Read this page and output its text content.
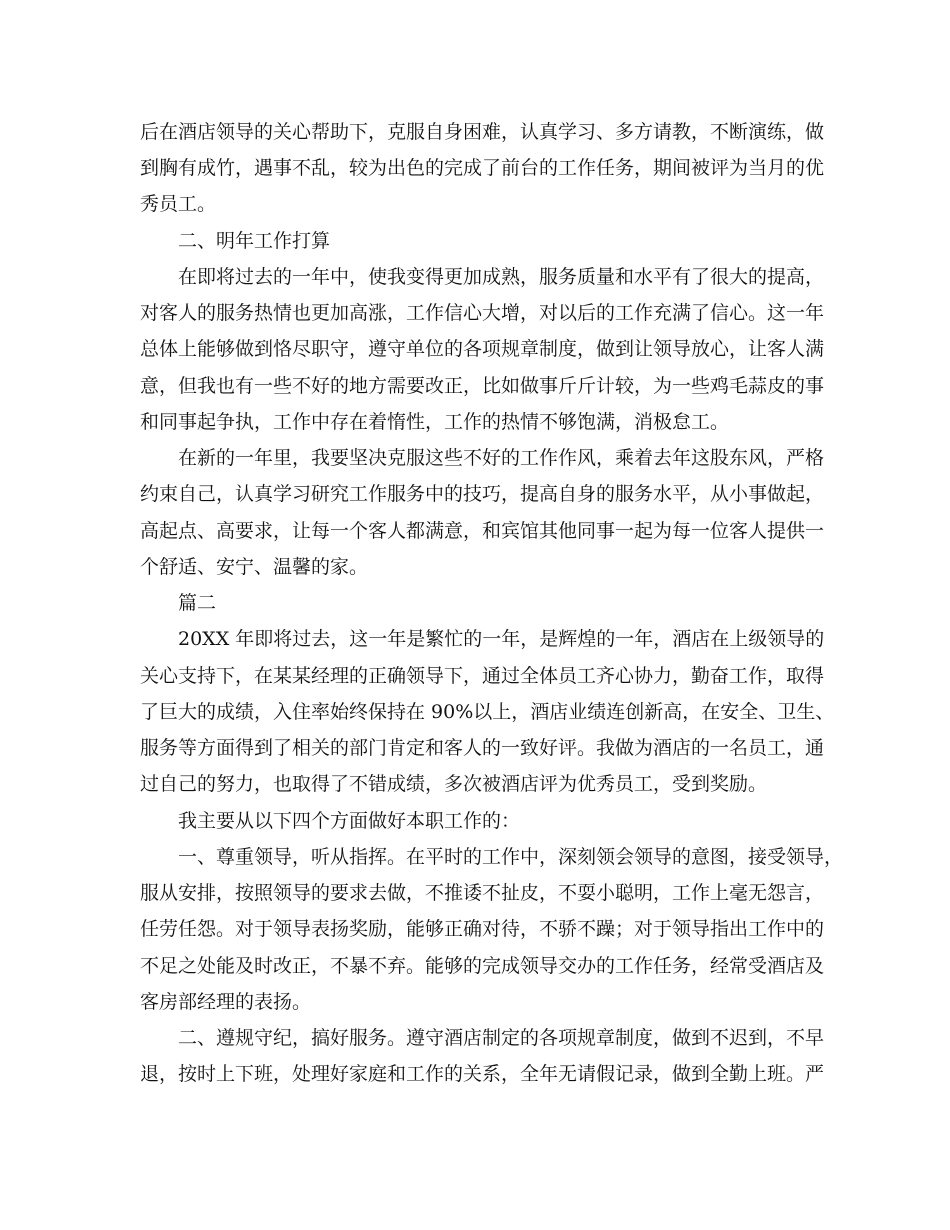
后在酒店领导的关心帮助下，克服自身困难，认真学习、多方请教，不断演练，做
到胸有成竹，遇事不乱，较为出色的完成了前台的工作任务，期间被评为当月的优
秀员工。
二、明年工作打算
在即将过去的一年中，使我变得更加成熟，服务质量和水平有了很大的提高，
对客人的服务热情也更加高涨，工作信心大增，对以后的工作充满了信心。这一年
总体上能够做到恪尽职守，遵守单位的各项规章制度，做到让领导放心，让客人满
意，但我也有一些不好的地方需要改正，比如做事斤斤计较，为一些鸡毛蒜皮的事
和同事起争执，工作中存在着惰性，工作的热情不够饱满，消极怠工。
在新的一年里，我要坚决克服这些不好的工作作风，乘着去年这股东风，严格
约束自己，认真学习研究工作服务中的技巧，提高自身的服务水平，从小事做起，
高起点、高要求，让每一个客人都满意，和宾馆其他同事一起为每一位客人提供一
个舒适、安宁、温馨的家。
篇二
20XX 年即将过去，这一年是繁忙的一年，是辉煌的一年，酒店在上级领导的
关心支持下，在某某经理的正确领导下，通过全体员工齐心协力，勤奋工作，取得
了巨大的成绩，入住率始终保持在 90%以上，酒店业绩连创新高，在安全、卫生、
服务等方面得到了相关的部门肯定和客人的一致好评。我做为酒店的一名员工，通
过自己的努力，也取得了不错成绩，多次被酒店评为优秀员工，受到奖励。
我主要从以下四个方面做好本职工作的：
一、尊重领导，听从指挥。在平时的工作中，深刻领会领导的意图，接受领导，
服从安排，按照领导的要求去做，不推诿不扯皮，不耍小聪明，工作上毫无怨言，
任劳任怨。对于领导表扬奖励，能够正确对待，不骄不躁；对于领导指出工作中的
不足之处能及时改正，不暴不弃。能够的完成领导交办的工作任务，经常受酒店及
客房部经理的表扬。
二、遵规守纪，搞好服务。遵守酒店制定的各项规章制度，做到不迟到，不早
退，按时上下班，处理好家庭和工作的关系，全年无请假记录，做到全勤上班。严
